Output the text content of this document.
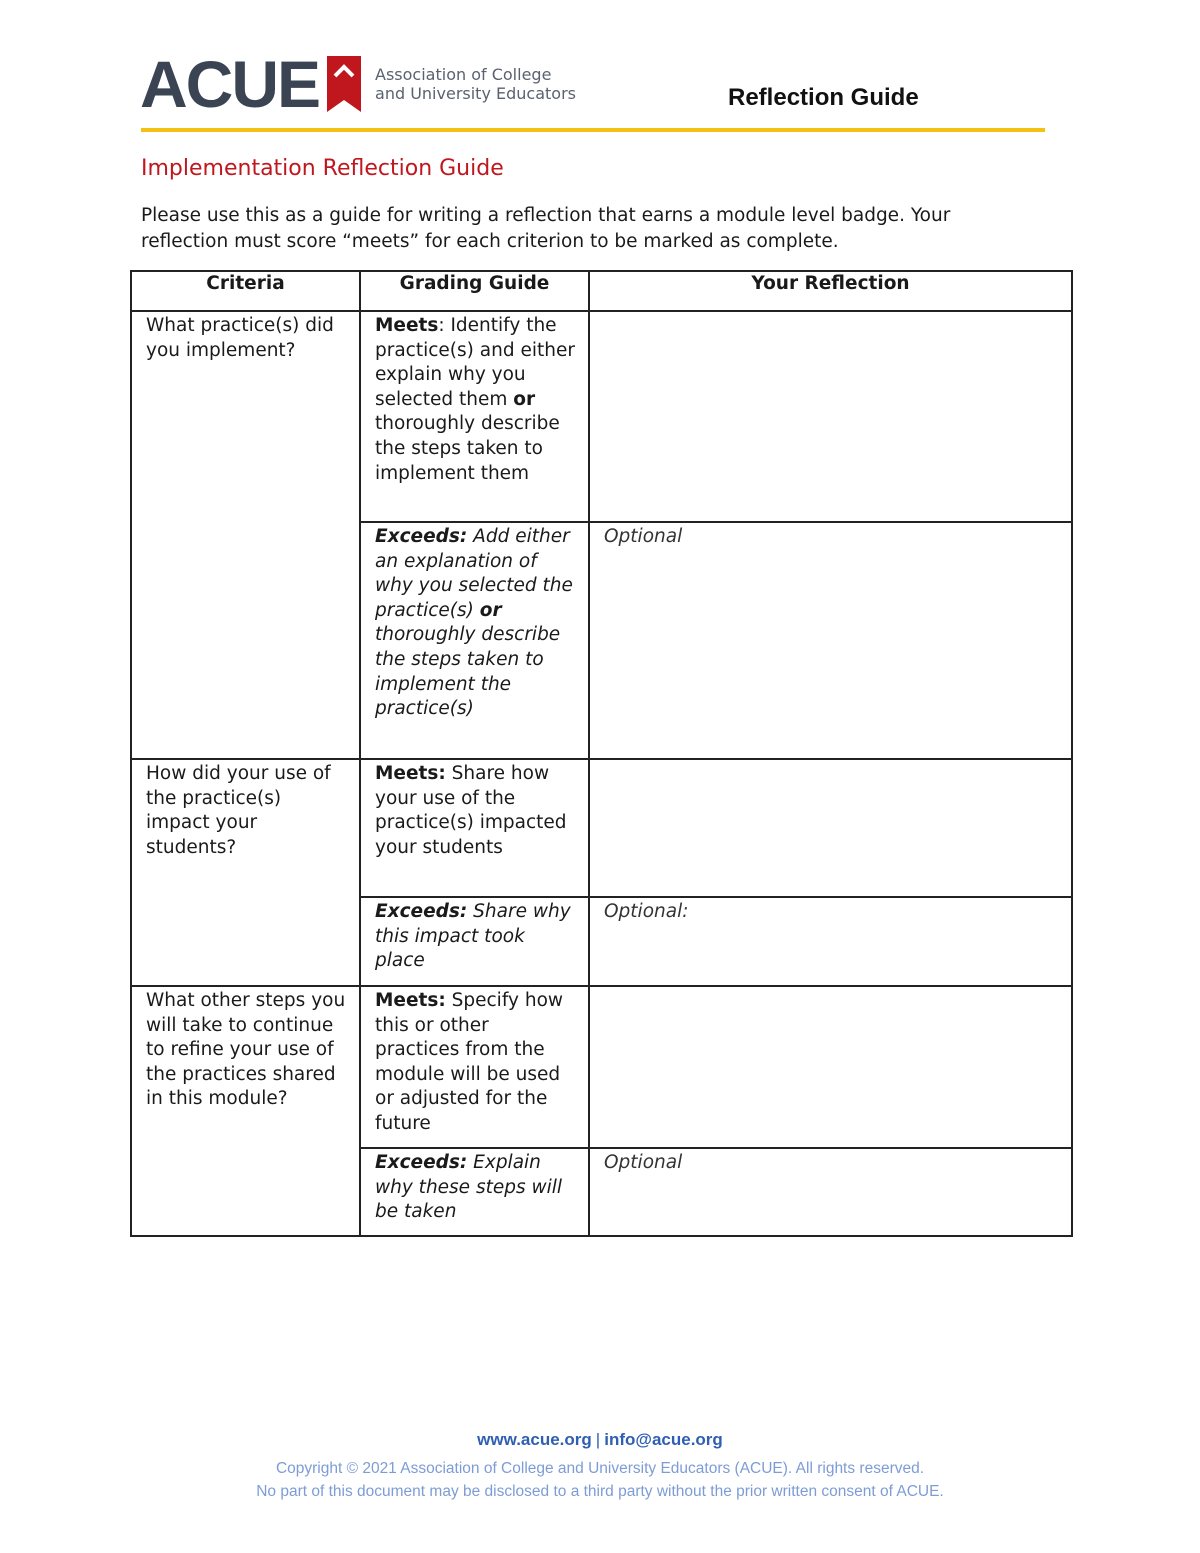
ACUE	Association of College
and University Educators	Reflection Guide
Implementation Reflection Guide
Please use this as a guide for writing a reflection that earns a module level badge. Your reflection must score “meets” for each criterion to be marked as complete.
Criteria	Grading Guide	Your Reflection
What practice(s) did you implement?	Meets: Identify the practice(s) and either explain why you selected them or thoroughly describe the steps taken to implement them	
	Exceeds: Add either an explanation of why you selected the practice(s) or thoroughly describe the steps taken to implement the practice(s)	Optional
How did your use of the practice(s) impact your students?	Meets: Share how your use of the practice(s) impacted your students	
	Exceeds: Share why this impact took place	Optional:
What other steps you will take to continue to refine your use of the practices shared in this module?	Meets: Specify how this or other practices from the module will be used or adjusted for the future	
	Exceeds: Explain why these steps will be taken	Optional
www.acue.org | info@acue.org
Copyright © 2021 Association of College and University Educators (ACUE). All rights reserved.
No part of this document may be disclosed to a third party without the prior written consent of ACUE.
